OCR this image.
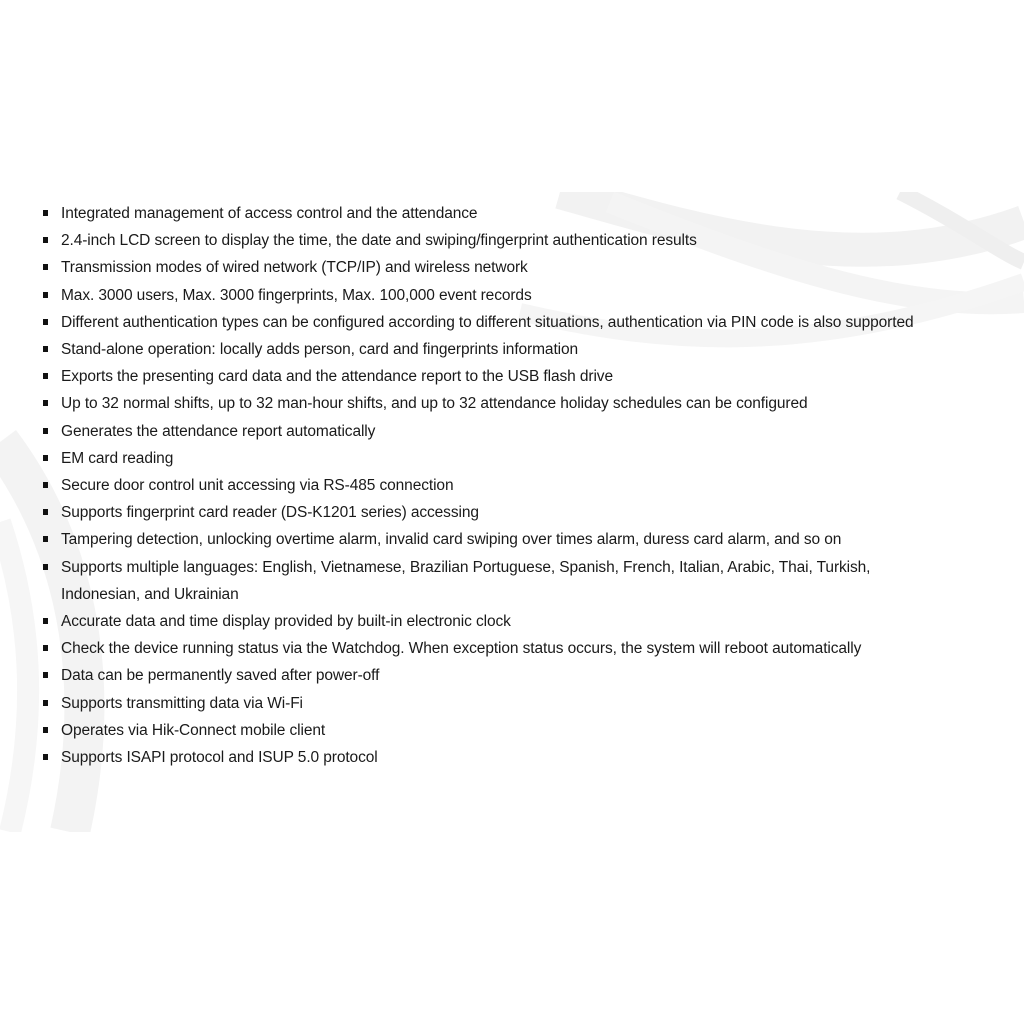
Integrated management of access control and the attendance
2.4-inch LCD screen to display the time, the date and swiping/fingerprint authentication results
Transmission modes of wired network (TCP/IP) and wireless network
Max. 3000 users, Max. 3000 fingerprints, Max. 100,000 event records
Different authentication types can be configured according to different situations, authentication via PIN code is also supported
Stand-alone operation: locally adds person, card and fingerprints information
Exports the presenting card data and the attendance report to the USB flash drive
Up to 32 normal shifts, up to 32 man-hour shifts, and up to 32 attendance holiday schedules can be configured
Generates the attendance report automatically
EM card reading
Secure door control unit accessing via RS-485 connection
Supports fingerprint card reader (DS-K1201 series) accessing
Tampering detection, unlocking overtime alarm, invalid card swiping over times alarm, duress card alarm, and so on
Supports multiple languages: English, Vietnamese, Brazilian Portuguese, Spanish, French, Italian, Arabic, Thai, Turkish, Indonesian, and Ukrainian
Accurate data and time display provided by built-in electronic clock
Check the device running status via the Watchdog. When exception status occurs, the system will reboot automatically
Data can be permanently saved after power-off
Supports transmitting data via Wi-Fi
Operates via Hik-Connect mobile client
Supports ISAPI protocol and ISUP 5.0 protocol
